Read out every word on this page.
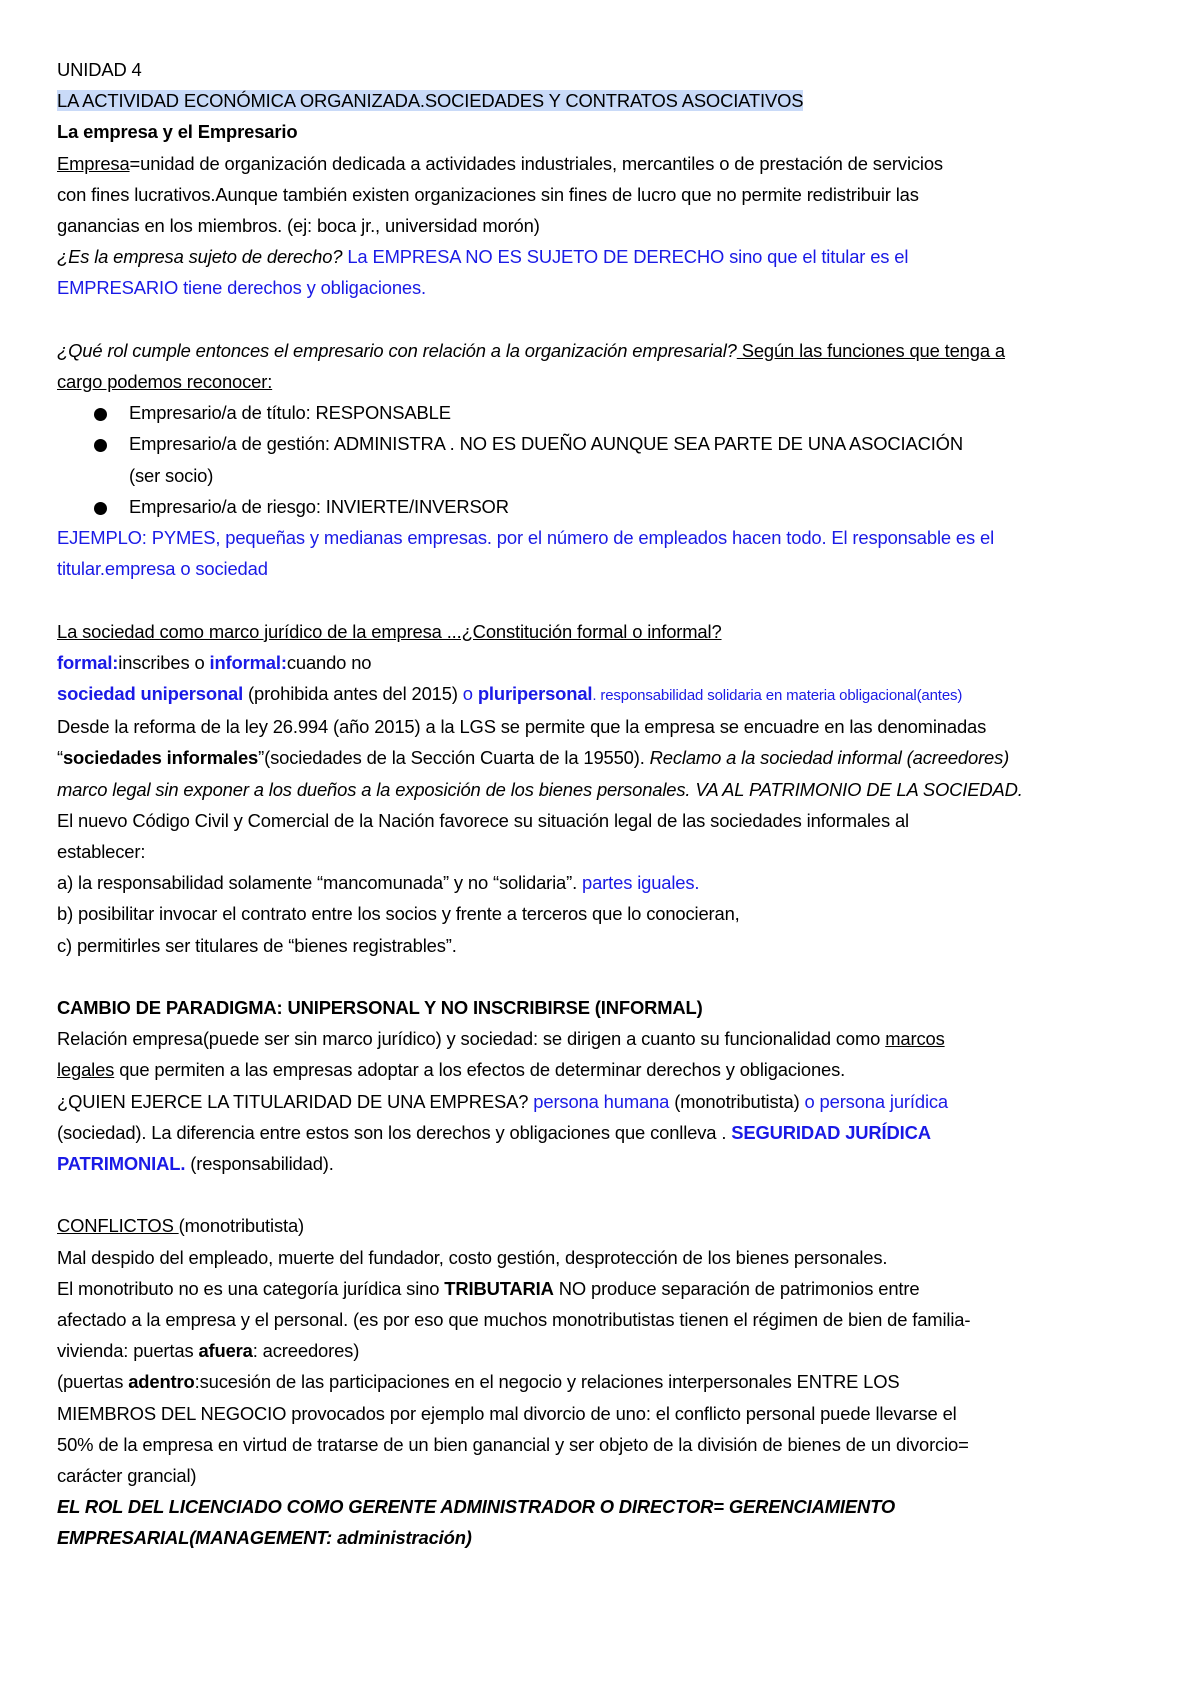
UNIDAD 4

LA ACTIVIDAD ECONÓMICA ORGANIZADA.SOCIEDADES Y CONTRATOS ASOCIATIVOS

La empresa y el Empresario

Empresa=unidad de organización dedicada a actividades industriales, mercantiles o de prestación de servicios

con fines lucrativos.Aunque también existen organizaciones sin fines de lucro que no permite redistribuir las

ganancias en los miembros. (ej: boca jr., universidad morón)

¿Es la empresa sujeto de derecho? La EMPRESA NO ES SUJETO DE DERECHO sino que el titular es el

EMPRESARIO tiene derechos y obligaciones.

¿Qué rol cumple entonces el empresario con relación a la organización empresarial? Según las funciones que tenga a

cargo podemos reconocer:

Empresario/a de título: RESPONSABLE
Empresario/a de gestión: ADMINISTRA . NO ES DUEÑO AUNQUE SEA PARTE DE UNA ASOCIACIÓN
(ser socio)
Empresario/a de riesgo: INVIERTE/INVERSOR

EJEMPLO: PYMES, pequeñas y medianas empresas. por el número de empleados hacen todo. El responsable es el

titular.empresa o sociedad

La sociedad como marco jurídico de la empresa ...¿Constitución formal o informal?

formal:inscribes o informal:cuando no

sociedad unipersonal (prohibida antes del 2015) o pluripersonal. responsabilidad solidaria en materia obligacional(antes)

Desde la reforma de la ley 26.994 (año 2015) a la LGS se permite que la empresa se encuadre en las denominadas

“sociedades informales”(sociedades de la Sección Cuarta de la 19550). Reclamo a la sociedad informal (acreedores)

marco legal sin exponer a los dueños a la exposición de los bienes personales. VA AL PATRIMONIO DE LA SOCIEDAD.

El nuevo Código Civil y Comercial de la Nación favorece su situación legal de las sociedades informales al

establecer:

a) la responsabilidad solamente “mancomunada” y no “solidaria”. partes iguales.

b) posibilitar invocar el contrato entre los socios y frente a terceros que lo conocieran,

c) permitirles ser titulares de “bienes registrables”.

CAMBIO DE PARADIGMA: UNIPERSONAL Y NO INSCRIBIRSE (INFORMAL)

Relación empresa(puede ser sin marco jurídico) y sociedad: se dirigen a cuanto su funcionalidad como marcos

legales que permiten a las empresas adoptar a los efectos de determinar derechos y obligaciones.

¿QUIEN EJERCE LA TITULARIDAD DE UNA EMPRESA? persona humana (monotributista) o persona jurídica

(sociedad). La diferencia entre estos son los derechos y obligaciones que conlleva . SEGURIDAD JURÍDICA

PATRIMONIAL. (responsabilidad).

CONFLICTOS (monotributista)

Mal despido del empleado, muerte del fundador, costo gestión, desprotección de los bienes personales.

El monotributo no es una categoría jurídica sino TRIBUTARIA NO produce separación de patrimonios entre

afectado a la empresa y el personal. (es por eso que muchos monotributistas tienen el régimen de bien de familia-

vivienda: puertas afuera: acreedores)

(puertas adentro:sucesión de las participaciones en el negocio y relaciones interpersonales ENTRE LOS

MIEMBROS DEL NEGOCIO provocados por ejemplo mal divorcio de uno: el conflicto personal puede llevarse el

50% de la empresa en virtud de tratarse de un bien ganancial y ser objeto de la división de bienes de un divorcio=

carácter grancial)

EL ROL DEL LICENCIADO COMO GERENTE ADMINISTRADOR O DIRECTOR= GERENCIAMIENTO

EMPRESARIAL(MANAGEMENT: administración)
